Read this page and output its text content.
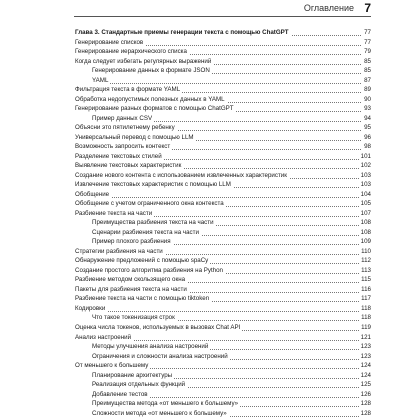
Оглавление 7
Глава 3. Стандартные приемы генерации текста с помощью ChatGPT	77
Генерирование списков	77
Генерирование иерархического списка	79
Когда следует избегать регулярных выражений	85
Генерирование данных в формате JSON	85
YAML	87
Фильтрация текста в формате YAML	89
Обработка недопустимых полезных данных в YAML	90
Генерирование разных форматов с помощью ChatGPT	93
Пример данных CSV	94
Объясни это пятилетнему ребенку	95
Универсальный перевод с помощью LLM	96
Возможность запросить контекст	98
Разделение текстовых стилей	101
Выявление текстовых характеристик	102
Создание нового контента с использованием извлеченных характеристик	103
Извлечение текстовых характеристик с помощью LLM	103
Обобщение	104
Обобщение с учетом ограниченного окна контекста	105
Разбиение текста на части	107
Преимущества разбиения текста на части	108
Сценарии разбиения текста на части	108
Пример плохого разбиения	109
Стратегии разбиения на части	110
Обнаружение предложений с помощью spaCy	112
Создание простого алгоритма разбиения на Python	113
Разбиение методом скользящего окна	115
Пакеты для разбиения текста на части	116
Разбиение текста на части с помощью tiktoken	117
Кодировки	118
Что такое токенизация строк	118
Оценка числа токенов, используемых в вызовах Chat API	119
Анализ настроений	121
Методы улучшения анализа настроений	123
Ограничения и сложности анализа настроений	123
От меньшего к большему	124
Планирование архитектуры	124
Реализация отдельных функций	125
Добавление тестов	126
Преимущества метода «от меньшего к большему»	128
Сложности метода «от меньшего к большему»	128
